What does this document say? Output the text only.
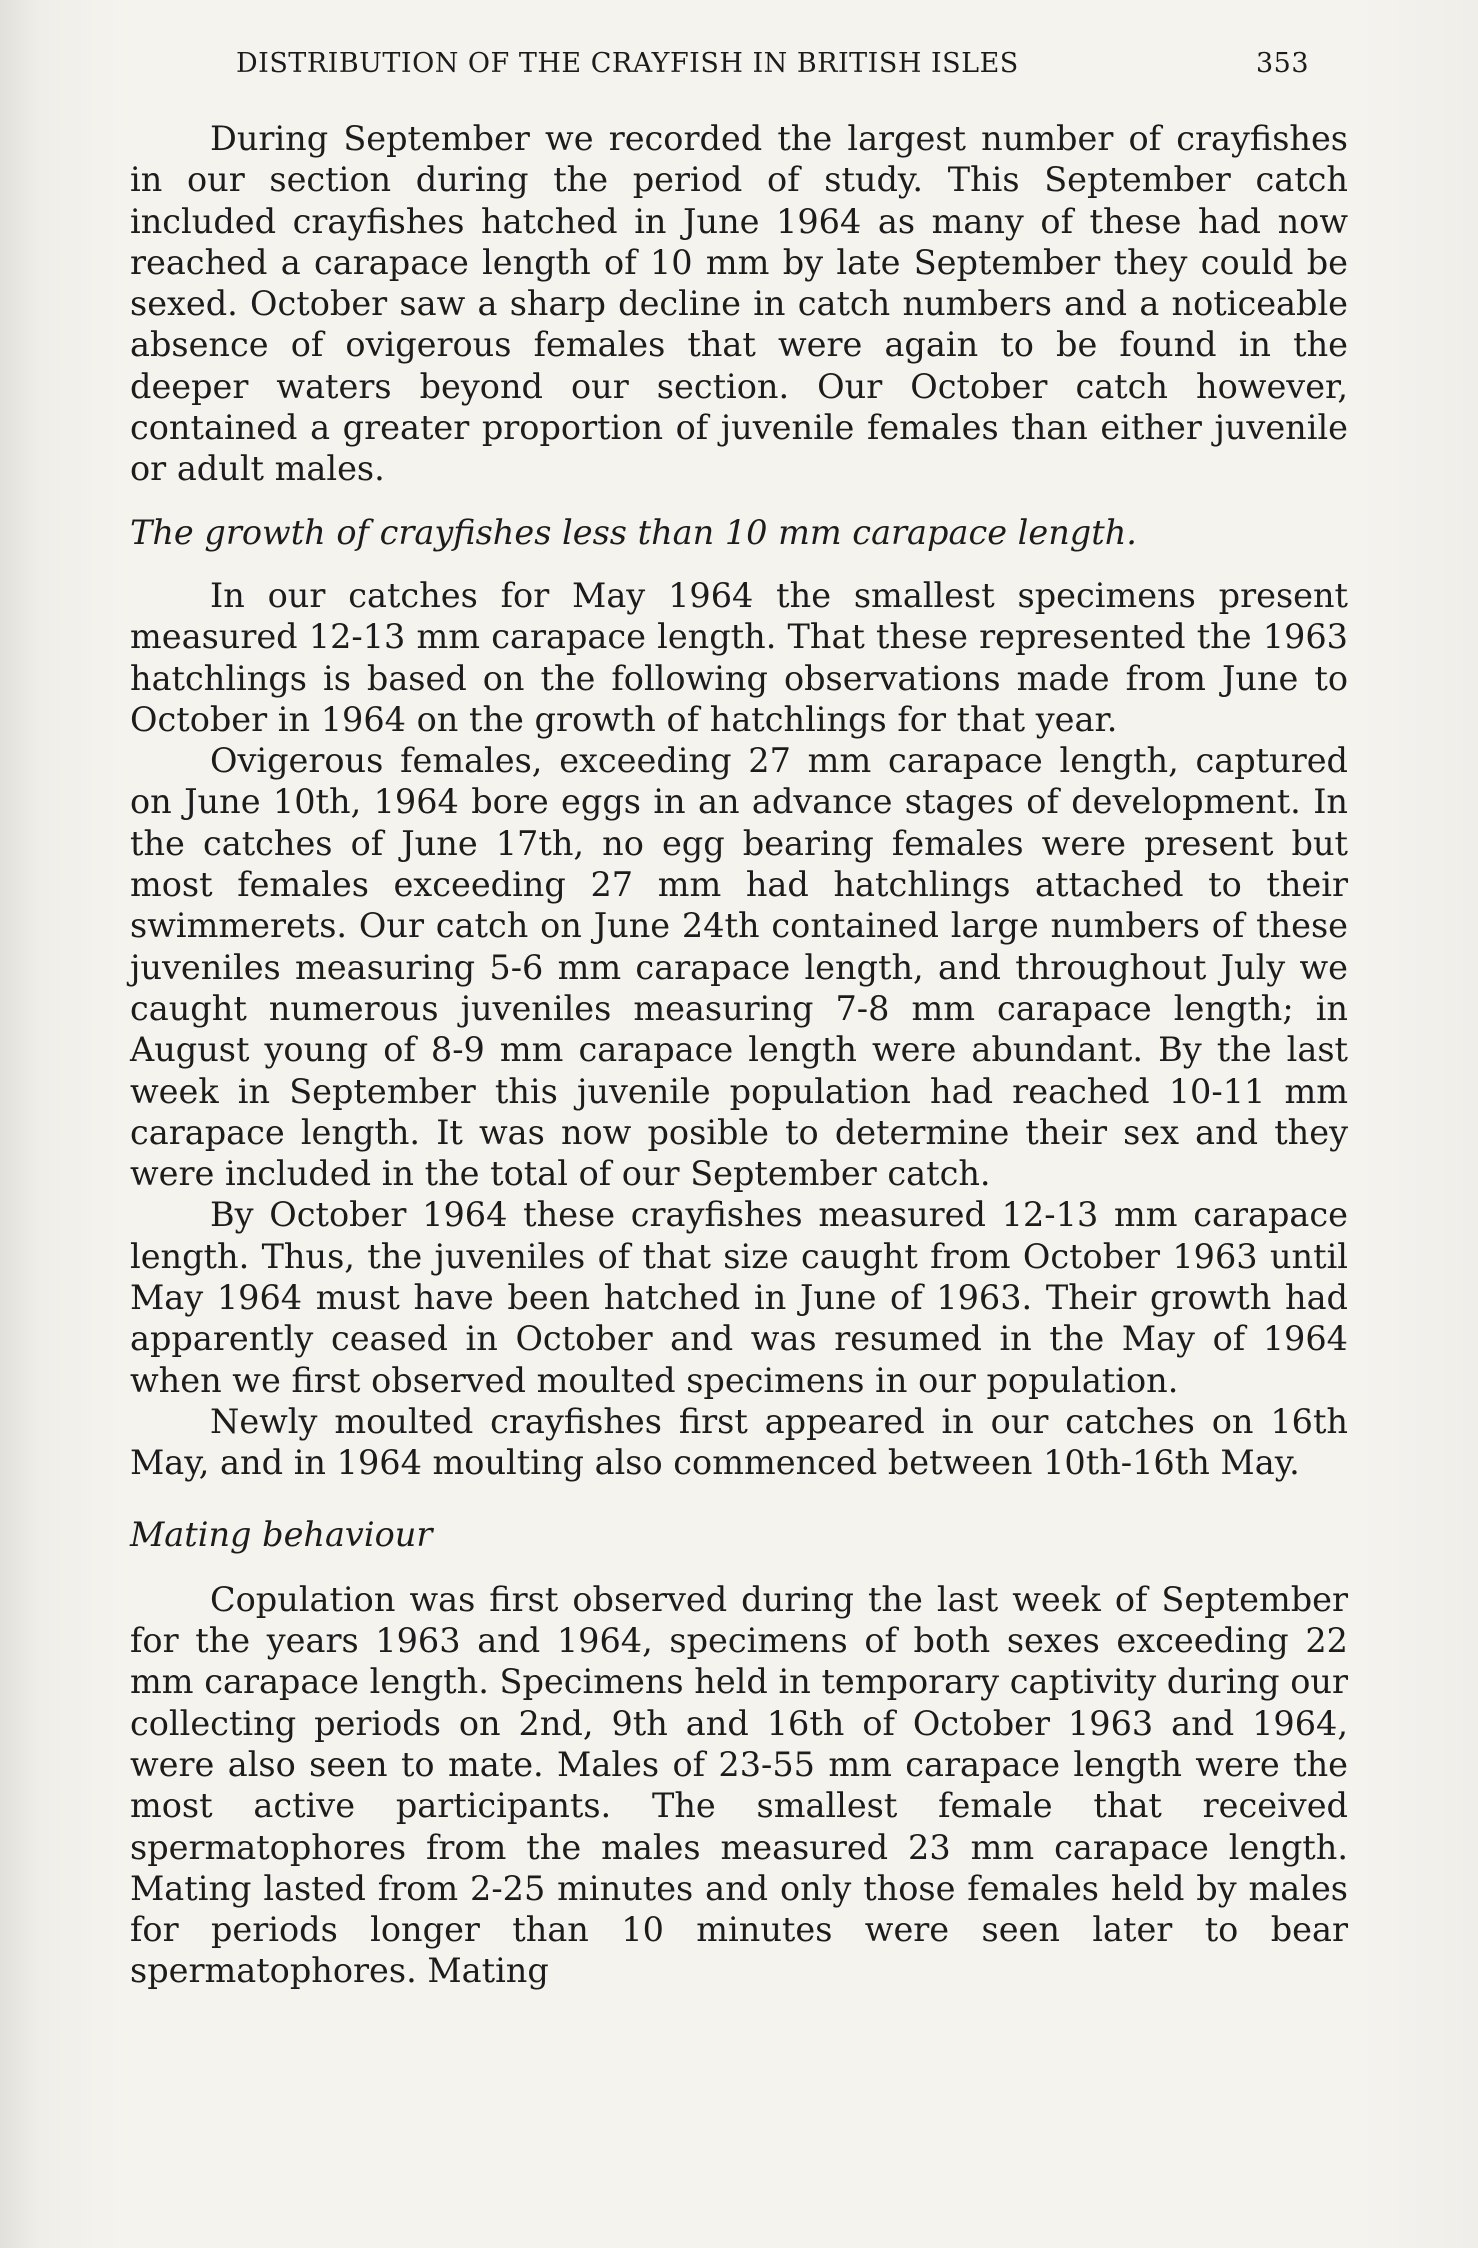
DISTRIBUTION OF THE CRAYFISH IN BRITISH ISLES	353

During September we recorded the largest number of crayfishes in our section during the period of study. This September catch included crayfishes hatched in June 1964 as many of these had now reached a carapace length of 10 mm by late September they could be sexed. October saw a sharp decline in catch numbers and a noticeable absence of ovigerous females that were again to be found in the deeper waters beyond our section. Our October catch however, contained a greater proportion of juvenile females than either juvenile or adult males.

The growth of crayfishes less than 10 mm carapace length.

In our catches for May 1964 the smallest specimens present measured 12-13 mm carapace length. That these represented the 1963 hatchlings is based on the following observations made from June to October in 1964 on the growth of hatchlings for that year.

Ovigerous females, exceeding 27 mm carapace length, captured on June 10th, 1964 bore eggs in an advance stages of development. In the catches of June 17th, no egg bearing females were present but most females exceeding 27 mm had hatchlings attached to their swimmerets. Our catch on June 24th contained large numbers of these juveniles measuring 5-6 mm carapace length, and throughout July we caught numerous juveniles measuring 7-8 mm carapace length; in August young of 8-9 mm carapace length were abundant. By the last week in September this juvenile population had reached 10-11 mm carapace length. It was now posible to determine their sex and they were included in the total of our September catch.

By October 1964 these crayfishes measured 12-13 mm carapace length. Thus, the juveniles of that size caught from October 1963 until May 1964 must have been hatched in June of 1963. Their growth had apparently ceased in October and was resumed in the May of 1964 when we first observed moulted specimens in our population.

Newly moulted crayfishes first appeared in our catches on 16th May, and in 1964 moulting also commenced between 10th-16th May.

Mating behaviour

Copulation was first observed during the last week of September for the years 1963 and 1964, specimens of both sexes exceeding 22 mm carapace length. Specimens held in temporary captivity during our collecting periods on 2nd, 9th and 16th of October 1963 and 1964, were also seen to mate. Males of 23-55 mm carapace length were the most active participants. The smallest female that received spermatophores from the males measured 23 mm carapace length. Mating lasted from 2-25 minutes and only those females held by males for periods longer than 10 minutes were seen later to bear spermatophores. Mating
